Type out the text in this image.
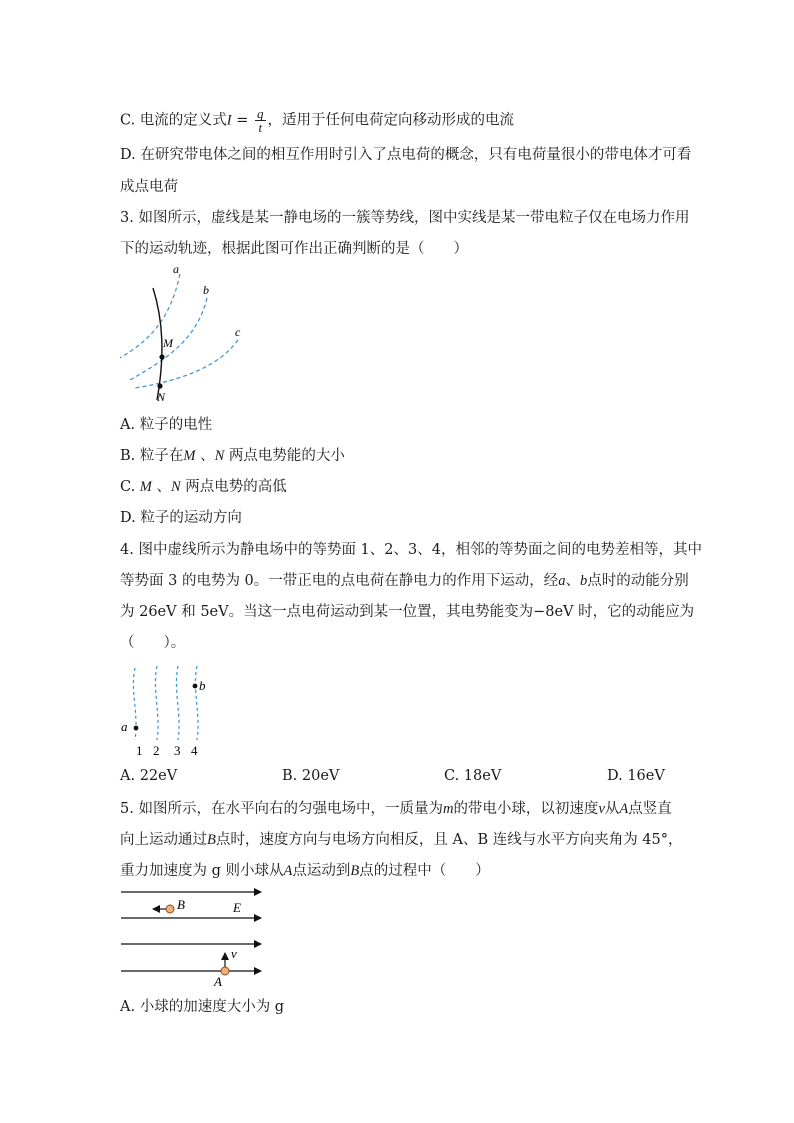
C. 电流的定义式$I = \frac{q}{t}$ ，适用于任何电荷定向移动形成的电流
D. 在研究带电体之间的相互作用时引入了点电荷的概念，只有电荷量很小的带电体才可看
成点电荷
3. 如图所示，虚线是某一静电场的一簇等势线，图中实线是某一带电粒子仅在电场力作用
下的运动轨迹，根据此图可作出正确判断的是（　　）
a
b
c
M
N
A. 粒子的电性
B. 粒子在M 、N 两点电势能的大小
C. M 、N 两点电势的高低
D. 粒子的运动方向
4. 图中虚线所示为静电场中的等势面 1、2、3、4，相邻的等势面之间的电势差相等，其中
等势面 3 的电势为 0。一带正电的点电荷在静电力的作用下运动，经a、b点时的动能分别
为 26eV 和 5eV。当这一点电荷运动到某一位置，其电势能变为−8eV 时，它的动能应为
（　　）。
a
b
1 2 3 4
A. 22eV	B. 20eV	C. 18eV	D. 16eV
5. 如图所示，在水平向右的匀强电场中，一质量为m的带电小球，以初速度v从A点竖直
向上运动通过B点时，速度方向与电场方向相反，且 A、B 连线与水平方向夹角为 45°，
重力加速度为 g 则小球从A点运动到B点的过程中（　　）
B	E
v
A
A. 小球的加速度大小为 g
